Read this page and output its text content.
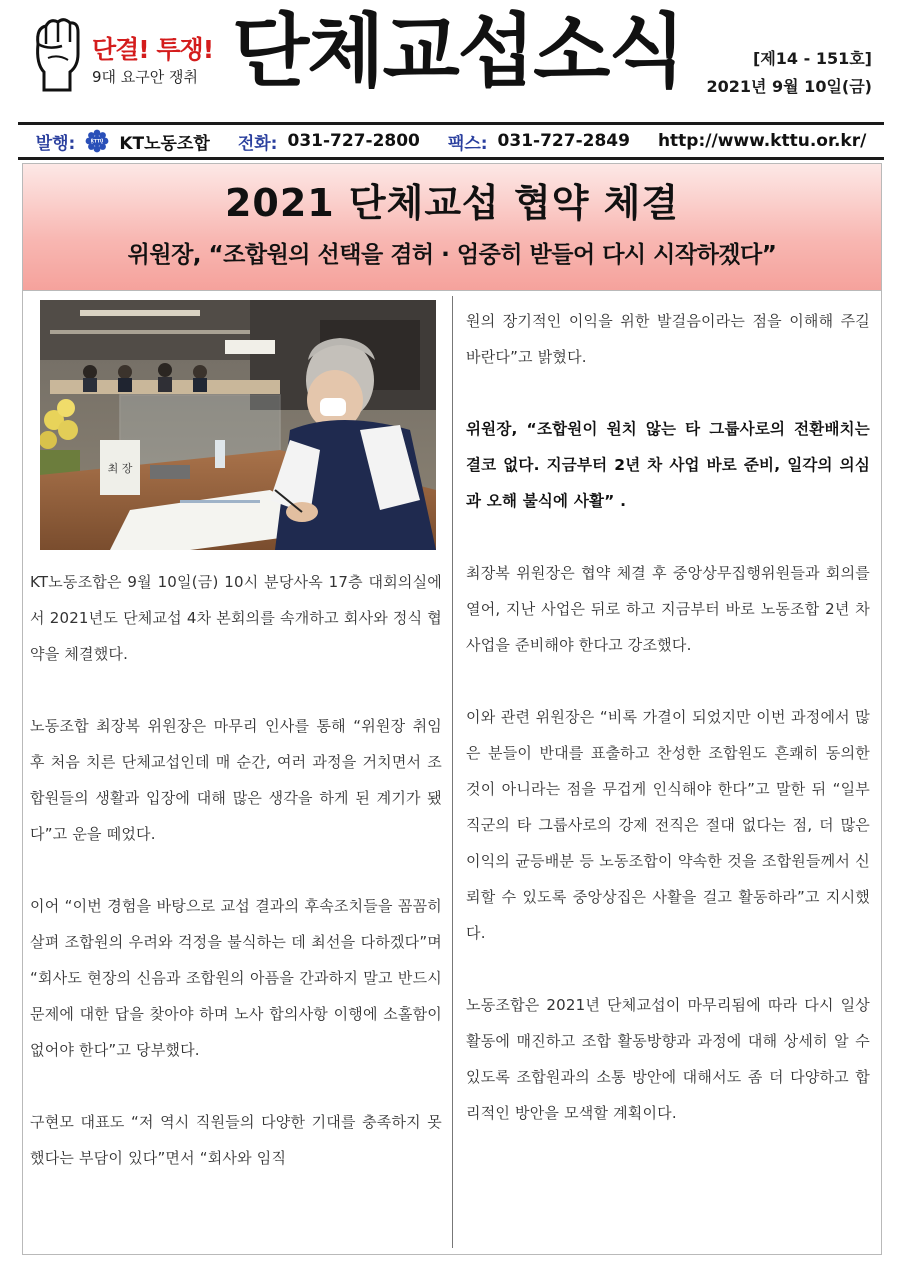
단결! 투쟁!
9대 요구안 쟁취 단체교섭소식	[제14 - 151호]
2021년 9월 10일(금)
발행:	KTTU KT노동조합 전화: 031-727-2800 팩스: 031-727-2849 http://www.kttu.or.kr/
2021 단체교섭 협약 체결
위원장, “조합원의 선택을 겸허 · 엄중히 받들어 다시 시작하겠다”
최 장

KT노동조합은 9월 10일(금) 10시 분당사옥 17층 대회의실에서 2021년도 단체교섭 4차 본회의를 속개하고 회사와 정식 협약을 체결했다.

노동조합 최장복 위원장은 마무리 인사를 통해 “위원장 취임 후 처음 치른 단체교섭인데 매 순간, 여러 과정을 거치면서 조합원들의 생활과 입장에 대해 많은 생각을 하게 된 계기가 됐다”고 운을 떼었다.

이어 “이번 경험을 바탕으로 교섭 결과의 후속조치들을 꼼꼼히 살펴 조합원의 우려와 걱정을 불식하는 데 최선을 다하겠다”며 “회사도 현장의 신음과 조합원의 아픔을 간과하지 말고 반드시 문제에 대한 답을 찾아야 하며 노사 합의사항 이행에 소홀함이 없어야 한다”고 당부했다.

구현모 대표도 “저 역시 직원들의 다양한 기대를 충족하지 못했다는 부담이 있다”면서 “회사와 임직

원의 장기적인 이익을 위한 발걸음이라는 점을 이해해 주길 바란다”고 밝혔다.

위원장, “조합원이 원치 않는 타 그룹사로의 전환배치는 결코 없다. 지금부터 2년 차 사업 바로 준비, 일각의 의심과 오해 불식에 사활” .

최장복 위원장은 협약 체결 후 중앙상무집행위원들과 회의를 열어, 지난 사업은 뒤로 하고 지금부터 바로 노동조합 2년 차 사업을 준비해야 한다고 강조했다.

이와 관련 위원장은 “비록 가결이 되었지만 이번 과정에서 많은 분들이 반대를 표출하고 찬성한 조합원도 흔쾌히 동의한 것이 아니라는 점을 무겁게 인식해야 한다”고 말한 뒤 “일부 직군의 타 그룹사로의 강제 전직은 절대 없다는 점, 더 많은 이익의 균등배분 등 노동조합이 약속한 것을 조합원들께서 신뢰할 수 있도록 중앙상집은 사활을 걸고 활동하라”고 지시했다.

노동조합은 2021년 단체교섭이 마무리됨에 따라 다시 일상활동에 매진하고 조합 활동방향과 과정에 대해 상세히 알 수 있도록 조합원과의 소통 방안에 대해서도 좀 더 다양하고 합리적인 방안을 모색할 계획이다.
